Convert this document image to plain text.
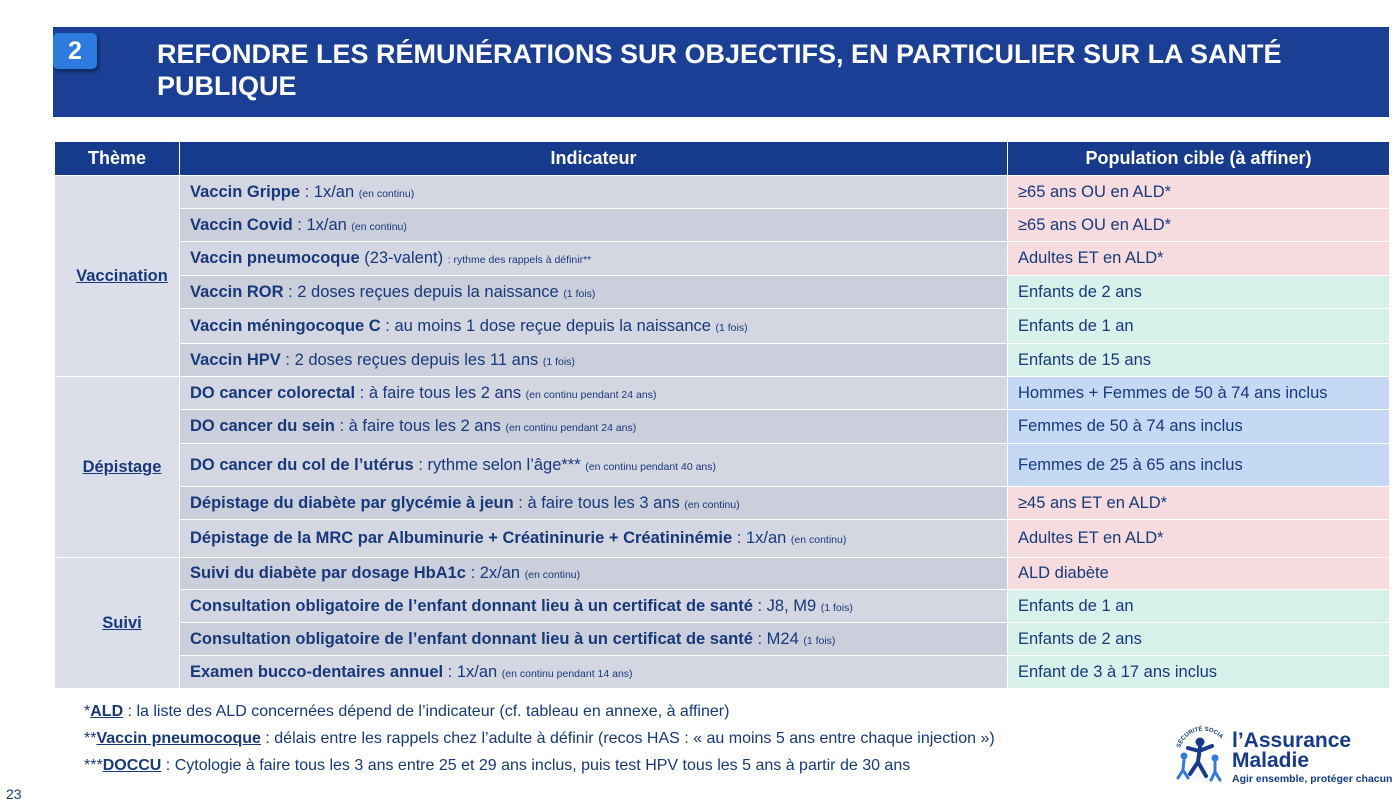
2	REFONDRE LES RÉMUNÉRATIONS SUR OBJECTIFS, EN PARTICULIER SUR LA SANTÉ PUBLIQUE
Thème	Indicateur	Population cible (à affiner)
Vaccination	Vaccin Grippe : 1x/an (en continu)	≥65 ans OU en ALD*
	Vaccin Covid : 1x/an (en continu)	≥65 ans OU en ALD*
	Vaccin pneumocoque (23-valent) : rythme des rappels à définir**	Adultes ET en ALD*
	Vaccin ROR : 2 doses reçues depuis la naissance (1 fois)	Enfants de 2 ans
	Vaccin méningocoque C : au moins 1 dose reçue depuis la naissance (1 fois)	Enfants de 1 an
	Vaccin HPV : 2 doses reçues depuis les 11 ans (1 fois)	Enfants de 15 ans
Dépistage	DO cancer colorectal : à faire tous les 2 ans (en continu pendant 24 ans)	Hommes + Femmes de 50 à 74 ans inclus
	DO cancer du sein : à faire tous les 2 ans (en continu pendant 24 ans)	Femmes de 50 à 74 ans inclus
	DO cancer du col de l’utérus : rythme selon l’âge*** (en continu pendant 40 ans)	Femmes de 25 à 65 ans inclus
	Dépistage du diabète par glycémie à jeun : à faire tous les 3 ans (en continu)	≥45 ans ET en ALD*
	Dépistage de la MRC par Albuminurie + Créatininurie + Créatininémie : 1x/an (en continu)	Adultes ET en ALD*
Suivi	Suivi du diabète par dosage HbA1c : 2x/an (en continu)	ALD diabète
	Consultation obligatoire de l’enfant donnant lieu à un certificat de santé : J8, M9 (1 fois)	Enfants de 1 an
	Consultation obligatoire de l’enfant donnant lieu à un certificat de santé : M24 (1 fois)	Enfants de 2 ans
	Examen bucco-dentaires annuel : 1x/an (en continu pendant 14 ans)	Enfant de 3 à 17 ans inclus
*ALD : la liste des ALD concernées dépend de l’indicateur (cf. tableau en annexe, à affiner)
**Vaccin pneumocoque : délais entre les rappels chez l’adulte à définir (recos HAS : « au moins 5 ans entre chaque injection »)
***DOCCU : Cytologie à faire tous les 3 ans entre 25 et 29 ans inclus, puis test HPV tous les 5 ans à partir de 30 ans
SÉCURITÉ SOCIA l’Assurance
Maladie
Agir ensemble, protéger chacun
23
